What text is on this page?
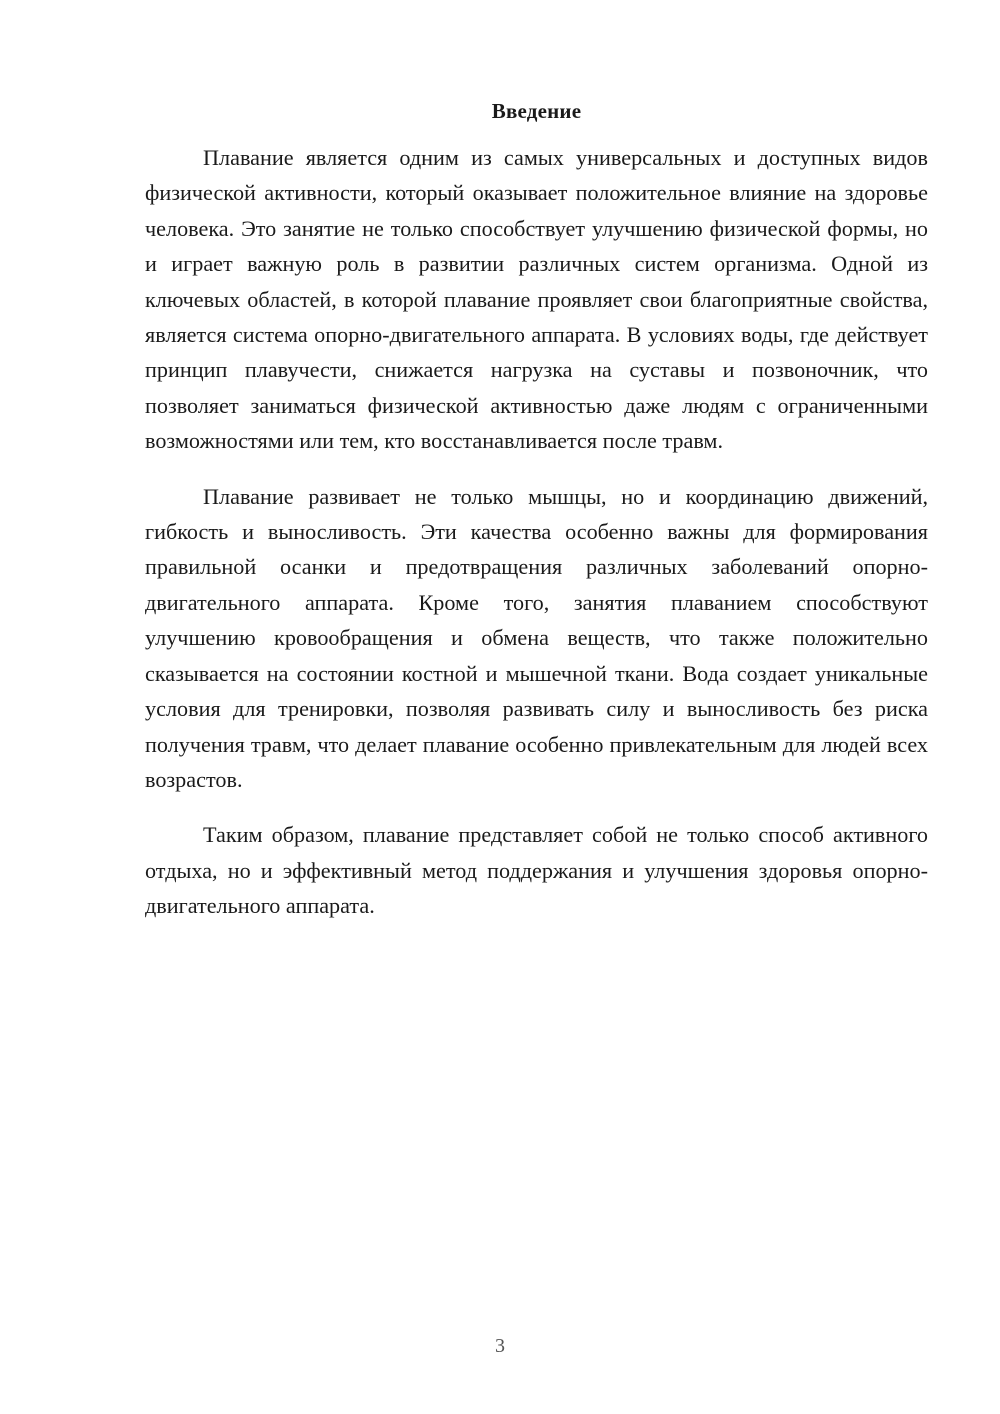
Введение

Плавание является одним из самых универсальных и доступных видов физической активности, который оказывает положительное влияние на здоровье человека. Это занятие не только способствует улучшению физической формы, но и играет важную роль в развитии различных систем организма. Одной из ключевых областей, в которой плавание проявляет свои благоприятные свойства, является система опорно-двигательного аппарата. В условиях воды, где действует принцип плавучести, снижается нагрузка на суставы и позвоночник, что позволяет заниматься физической активностью даже людям с ограниченными возможностями или тем, кто восстанавливается после травм.

Плавание развивает не только мышцы, но и координацию движений, гибкость и выносливость. Эти качества особенно важны для формирования правильной осанки и предотвращения различных заболеваний опорно-двигательного аппарата. Кроме того, занятия плаванием способствуют улучшению кровообращения и обмена веществ, что также положительно сказывается на состоянии костной и мышечной ткани. Вода создает уникальные условия для тренировки, позволяя развивать силу и выносливость без риска получения травм, что делает плавание особенно привлекательным для людей всех возрастов.

Таким образом, плавание представляет собой не только способ активного отдыха, но и эффективный метод поддержания и улучшения здоровья опорно-двигательного аппарата.

3
